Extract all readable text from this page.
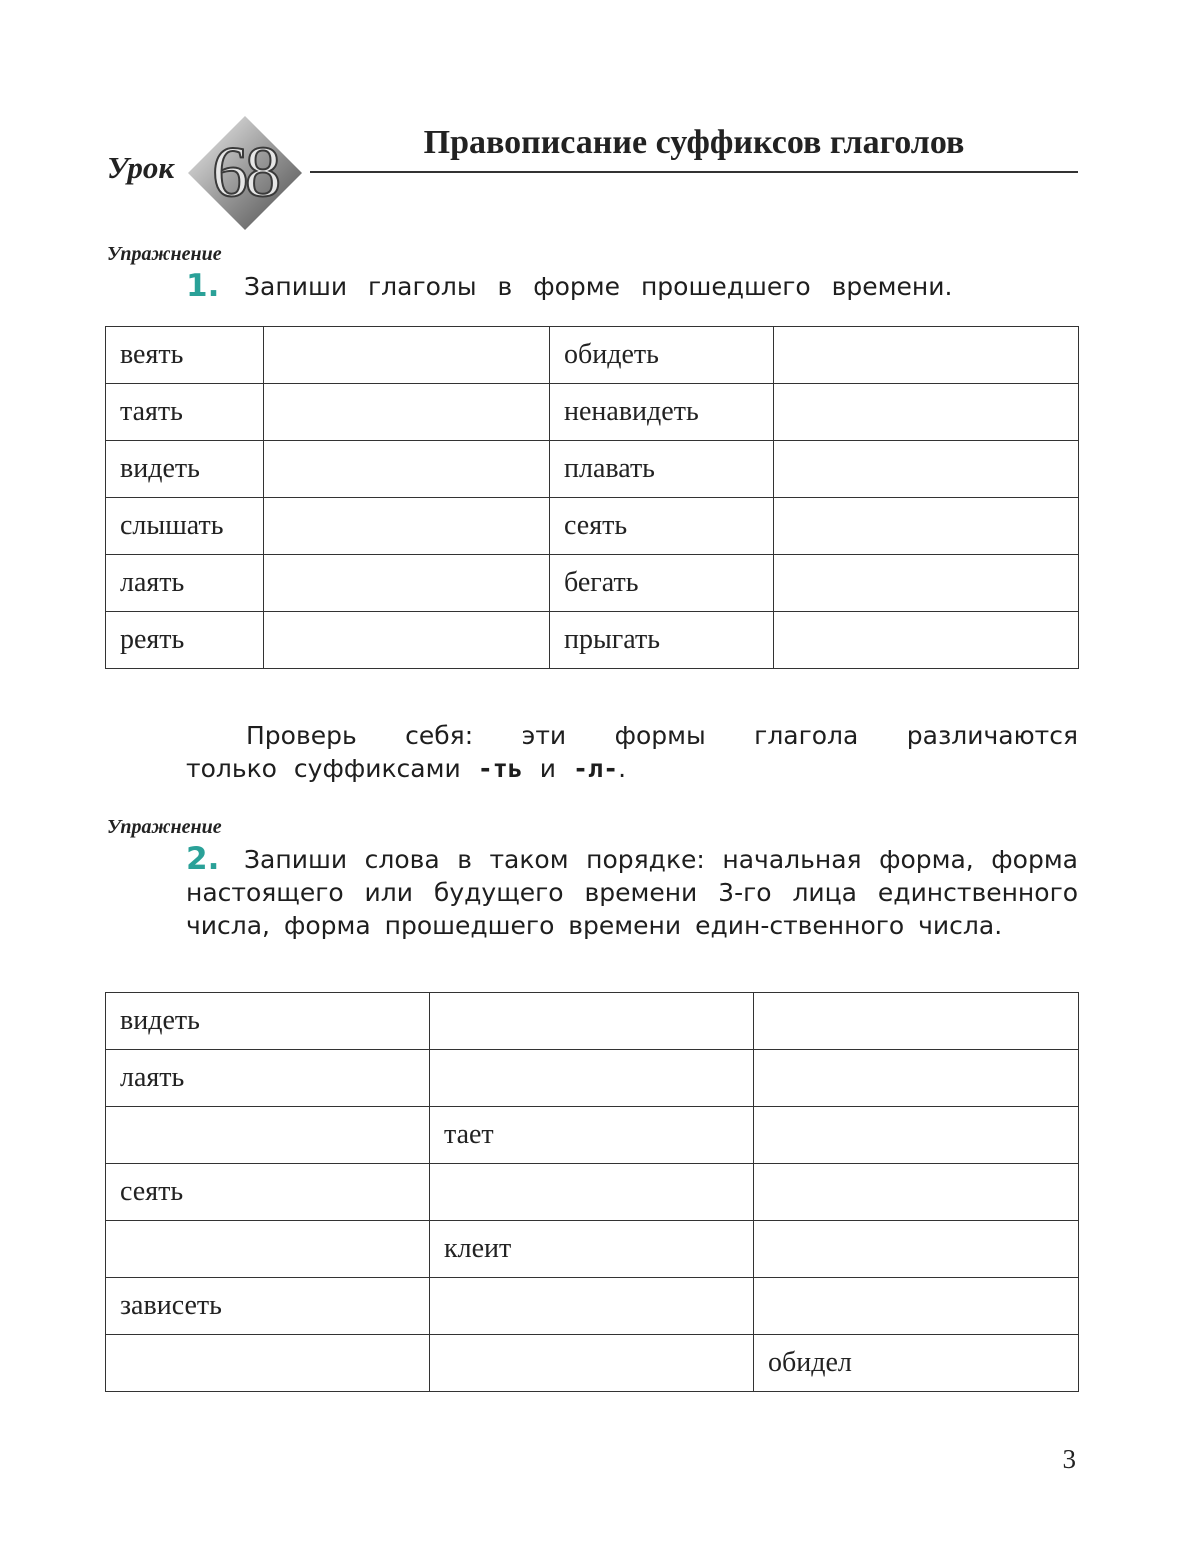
Урок 68	Правописание суффиксов глаголов
Упражнение
1. Запиши глаголы в форме прошедшего времени.
веять		обидеть	
таять		ненавидеть	
видеть		плавать	
слышать		сеять	
лаять		бегать	
реять		прыгать	
Проверь себя: эти формы глагола различаются
только суффиксами -ть и -л-.
Упражнение
2. Запиши слова в таком порядке: начальная форма, форма настоящего или будущего времени 3-го лица единственного числа, форма прошедшего времени един-ственного числа.
видеть		
лаять		
	тает	
сеять		
	клеит	
зависеть		
		обидел
3
